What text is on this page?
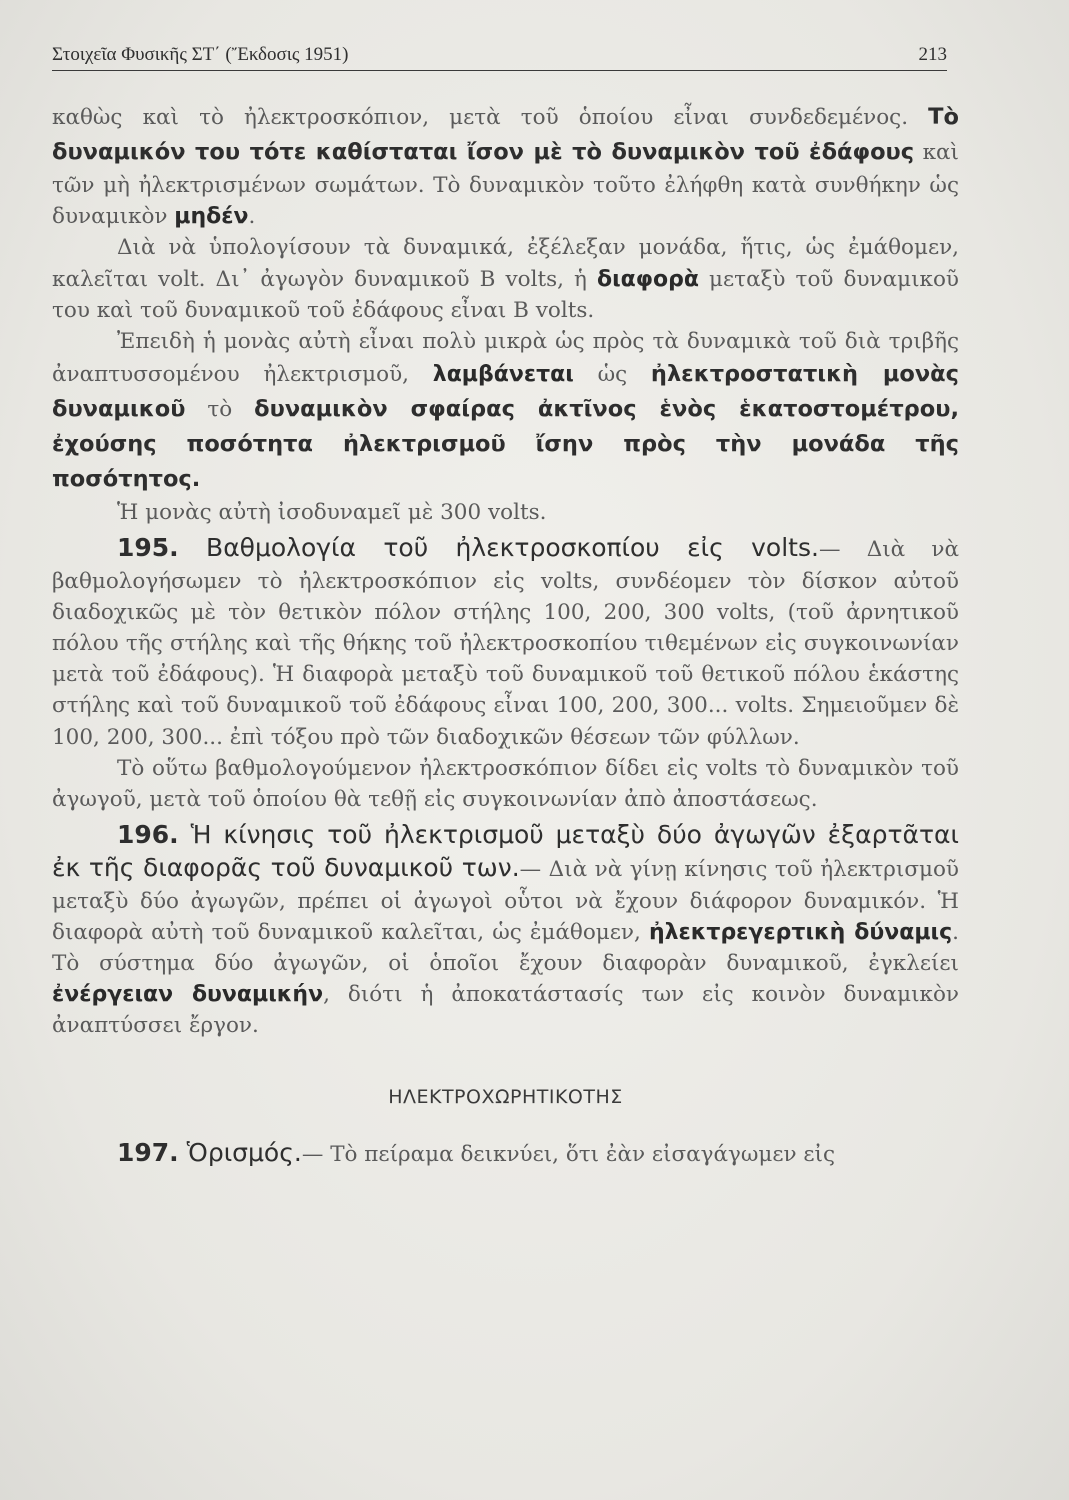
Στοιχεῖα Φυσικῆς ΣΤ΄ (Ἔκδοσις 1951)	213

καθὼς καὶ τὸ ἠλεκτροσκόπιον, μετὰ τοῦ ὁποίου εἶναι συνδεδεμένος. Τὸ δυναμικόν του τότε καθίσταται ἴσον μὲ τὸ δυναμικὸν τοῦ ἐδάφους καὶ τῶν μὴ ἠλεκτρισμένων σωμάτων. Τὸ δυναμικὸν τοῦτο ἐλήφθη κατὰ συνθήκην ὡς δυναμικὸν μηδέν.

Διὰ νὰ ὑπολογίσουν τὰ δυναμικά, ἐξέλεξαν μονάδα, ἥτις, ὡς ἐμάθομεν, καλεῖται volt. Δι᾽ ἀγωγὸν δυναμικοῦ Β volts, ἡ διαφορὰ μεταξὺ τοῦ δυναμικοῦ του καὶ τοῦ δυναμικοῦ τοῦ ἐδάφους εἶναι Β volts.

Ἐπειδὴ ἡ μονὰς αὐτὴ εἶναι πολὺ μικρὰ ὡς πρὸς τὰ δυναμικὰ τοῦ διὰ τριβῆς ἀναπτυσσομένου ἠλεκτρισμοῦ, λαμβάνεται ὡς ἠλεκτροστατικὴ μονὰς δυναμικοῦ τὸ δυναμικὸν σφαίρας ἀκτῖνος ἑνὸς ἑκατοστομέτρου, ἐχούσης ποσότητα ἠλεκτρισμοῦ ἴσην πρὸς τὴν μονάδα τῆς ποσότητος.

Ἡ μονὰς αὐτὴ ἰσοδυναμεῖ μὲ 300 volts.

195. Βαθμολογία τοῦ ἠλεκτροσκοπίου εἰς volts.— Διὰ νὰ βαθμολογήσωμεν τὸ ἠλεκτροσκόπιον εἰς volts, συνδέομεν τὸν δίσκον αὐτοῦ διαδοχικῶς μὲ τὸν θετικὸν πόλον στήλης 100, 200, 300 volts, (τοῦ ἀρνητικοῦ πόλου τῆς στήλης καὶ τῆς θήκης τοῦ ἠλεκτροσκοπίου τιθεμένων εἰς συγκοινωνίαν μετὰ τοῦ ἐδάφους). Ἡ διαφορὰ μεταξὺ τοῦ δυναμικοῦ τοῦ θετικοῦ πόλου ἑκάστης στήλης καὶ τοῦ δυναμικοῦ τοῦ ἐδάφους εἶναι 100, 200, 300... volts. Σημειοῦμεν δὲ 100, 200, 300... ἐπὶ τόξου πρὸ τῶν διαδοχικῶν θέσεων τῶν φύλλων.

Τὸ οὕτω βαθμολογούμενον ἠλεκτροσκόπιον δίδει εἰς volts τὸ δυναμικὸν τοῦ ἀγωγοῦ, μετὰ τοῦ ὁποίου θὰ τεθῇ εἰς συγκοινωνίαν ἀπὸ ἀποστάσεως.

196. Ἡ κίνησις τοῦ ἠλεκτρισμοῦ μεταξὺ δύο ἀγωγῶν ἐξαρτᾶται ἐκ τῆς διαφορᾶς τοῦ δυναμικοῦ των.— Διὰ νὰ γίνῃ κίνησις τοῦ ἠλεκτρισμοῦ μεταξὺ δύο ἀγωγῶν, πρέπει οἱ ἀγωγοὶ οὗτοι νὰ ἔχουν διάφορον δυναμικόν. Ἡ διαφορὰ αὐτὴ τοῦ δυναμικοῦ καλεῖται, ὡς ἐμάθομεν, ἠλεκτρεγερτικὴ δύναμις. Τὸ σύστημα δύο ἀγωγῶν, οἱ ὁποῖοι ἔχουν διαφορὰν δυναμικοῦ, ἐγκλείει ἐνέργειαν δυναμικήν, διότι ἡ ἀποκατάστασίς των εἰς κοινὸν δυναμικὸν ἀναπτύσσει ἔργον.

ΗΛΕΚΤΡΟΧΩΡΗΤΙΚΟΤΗΣ

197. Ὁρισμός.— Τὸ πείραμα δεικνύει, ὅτι ἐὰν εἰσαγάγωμεν εἰς
